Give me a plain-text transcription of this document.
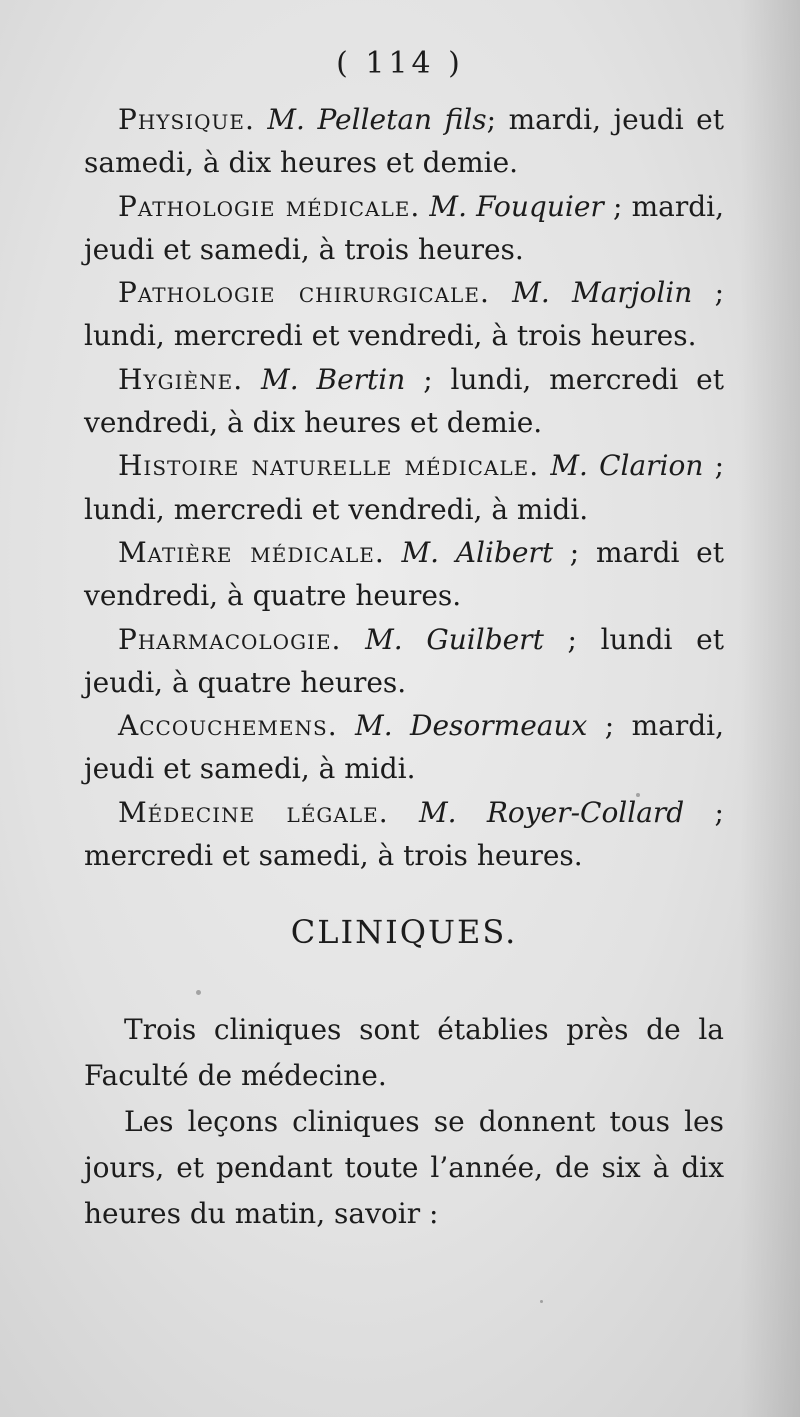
( 114 )

Physique. M. Pelletan fils; mardi, jeudi et samedi, à dix heures et demie.

Pathologie médicale. M. Fouquier ; mardi, jeudi et samedi, à trois heures.

Pathologie chirurgicale. M. Marjolin ; lundi, mercredi et vendredi, à trois heures.

Hygiène. M. Bertin ; lundi, mercredi et vendredi, à dix heures et demie.

Histoire naturelle médicale. M. Clarion ; lundi, mercredi et vendredi, à midi.

Matière médicale. M. Alibert ; mardi et vendredi, à quatre heures.

Pharmacologie. M. Guilbert ; lundi et jeudi, à quatre heures.

Accouchemens. M. Desormeaux ; mardi, jeudi et samedi, à midi.

Médecine légale. M. Royer-Collard ; mercredi et samedi, à trois heures.

CLINIQUES.

Trois cliniques sont établies près de la Faculté de médecine.

Les leçons cliniques se donnent tous les jours, et pendant toute l’année, de six à dix heures du matin, savoir :
